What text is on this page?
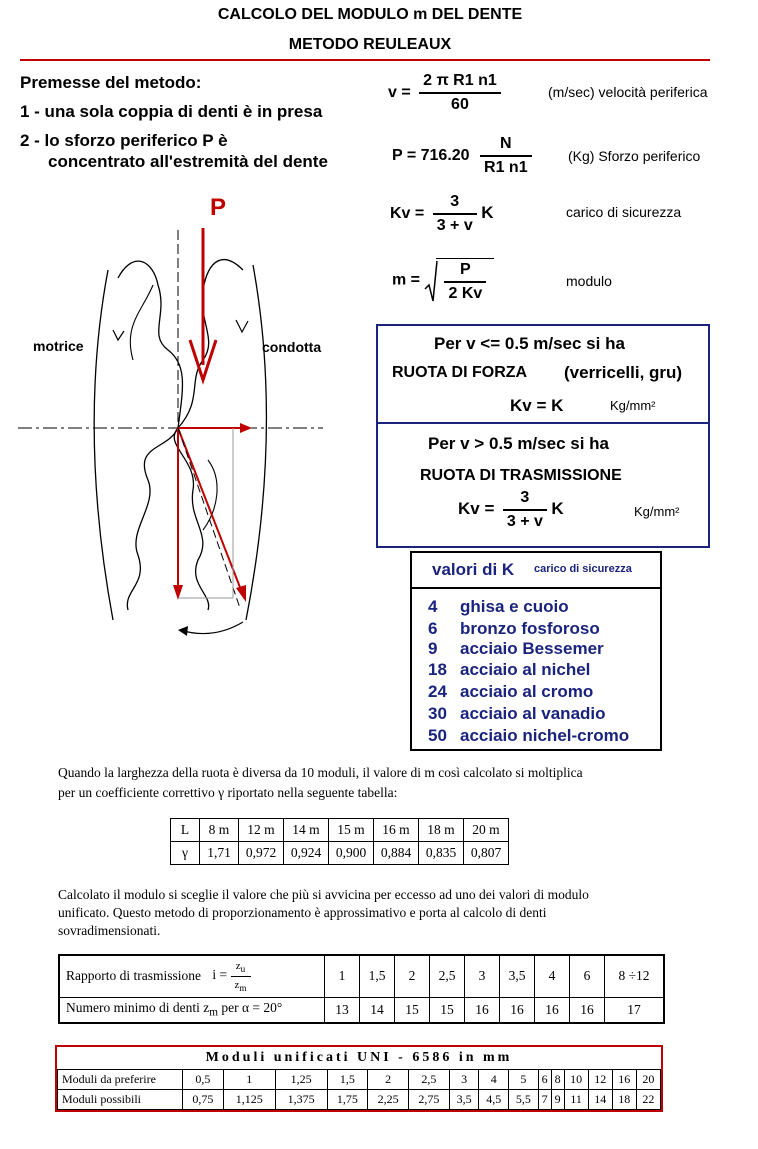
CALCOLO DEL MODULO m DEL DENTE
METODO REULEAUX
Premesse del metodo:
1 - una sola coppia di denti è in presa
2 - lo sforzo periferico P è
concentrato all'estremità del dente
$v = \frac{\text{2 π R1 n1}}{60}$	(m/sec) velocità periferica
$P = 716.20 \frac{N}{R1 n1}$	(Kg) Sforzo periferico
$Kv = \frac{3}{3 + v}$ K	carico di sicurezza
$m = \frac{P}{2 Kv}$	modulo
P
motrice	condotta	Per v <= 0.5 m/sec si ha
RUOTA DI FORZA (verricelli, gru)
Kv = K	Kg/mm²
Per v > 0.5 m/sec si ha
RUOTA DI TRASMISSIONE
$Kv = \frac{3}{3 + v}$ K	Kg/mm²
valori di K carico di sicurezza
4 ghisa e cuoio
6 bronzo fosforoso
9 acciaio Bessemer
18 acciaio al nichel
24 acciaio al cromo
30 acciaio al vanadio
50 acciaio nichel-cromo
Quando la larghezza della ruota è diversa da 10 moduli, il valore di m così calcolato si moltiplica
per un coefficiente correttivo γ riportato nella seguente tabella:
L	8 m	12 m	14 m	15 m	16 m	18 m	20 m
γ	1,71	0,972	0,924	0,900	0,884	0,835	0,807
Calcolato il modulo si sceglie il valore che più si avvicina per eccesso ad uno dei valori di modulo
unificato. Questo metodo di proporzionamento è approssimativo e porta al calcolo di denti
sovradimensionati.
Rapporto di trasmissione $i = \frac{z_u}{z_m}$	1	1,5	2	2,5	3	3,5	4	6	8 ÷12
Numero minimo di denti $z_m$ per α = 20°	13	14	15	15	16	16	16	16	17
Moduli unificati UNI - 6586 in mm
Moduli da preferire	0,5	1	1,25	1,5	2	2,5	3	4	5	6	8	10	12	16	20
Moduli possibili	0,75	1,125	1,375	1,75	2,25	2,75	3,5	4,5	5,5	7	9	11	14	18	22
